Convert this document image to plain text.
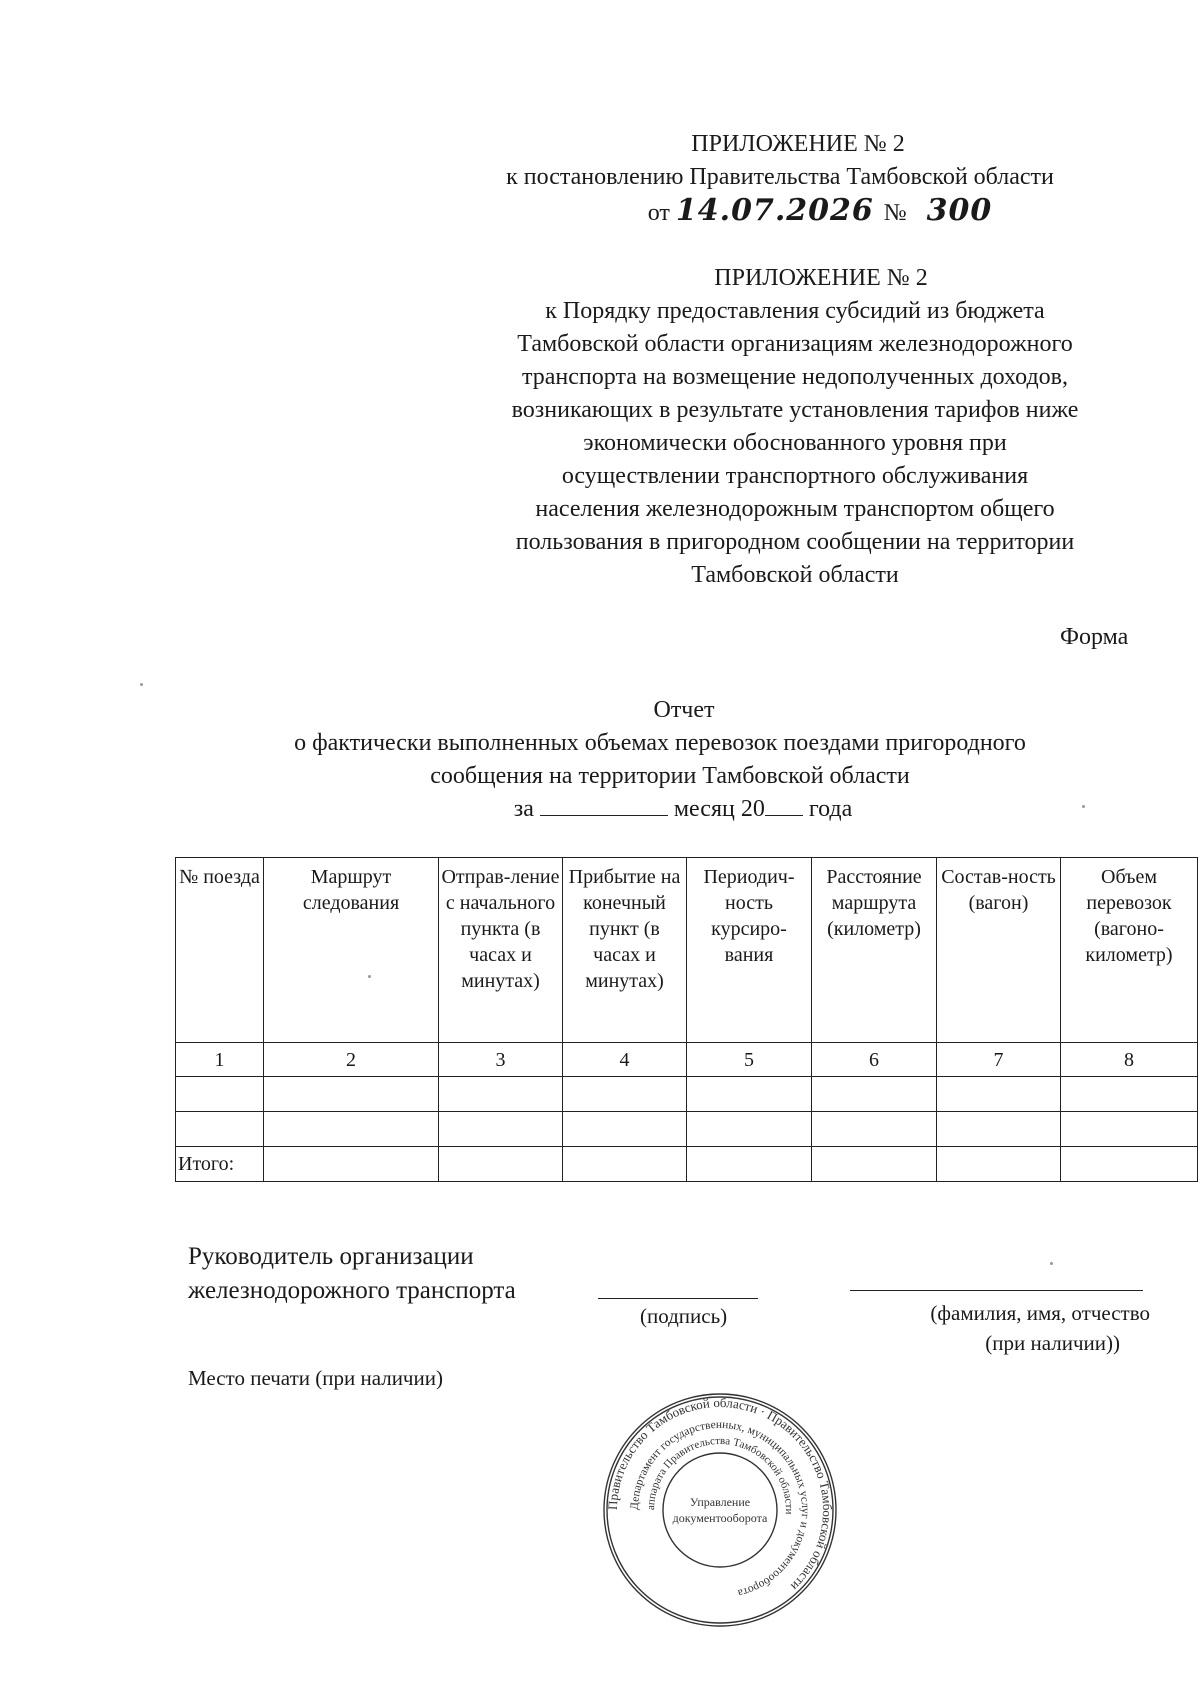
ПРИЛОЖЕНИЕ № 2
к постановлению Правительства Тамбовской области
от 14.07.2026 № 300
ПРИЛОЖЕНИЕ № 2
к Порядку предоставления субсидий из бюджета
Тамбовской области организациям железнодорожного
транспорта на возмещение недополученных доходов,
возникающих в результате установления тарифов ниже
экономически обоснованного уровня при
осуществлении транспортного обслуживания
населения железнодорожным транспортом общего
пользования в пригородном сообщении на территории
Тамбовской области
Форма
Отчет
о фактически выполненных объемах перевозок поездами пригородного
сообщения на территории Тамбовской области
за	месяц 20 года
№ поезда	Маршрут следования	Отправ-ление с начального пункта (в часах и минутах)	Прибытие на конечный пункт (в часах и минутах)	Периодич-ность курсиро-вания	Расстояние маршрута (километр)	Состав-ность (вагон)	Объем перевозок (вагоно-километр)
1	2	3	4	5	6	7	8

Итого:							
Руководитель организации
железнодорожного транспорта
(подпись)	(фамилия, имя, отчество
(при наличии))
Место печати (при наличии)
Правительство Тамбовской области · Правительство Тамбовской области
Департамент государственных, муниципальных услуг и документооборота
аппарата Правительства Тамбовской области
Управление
документооборота
